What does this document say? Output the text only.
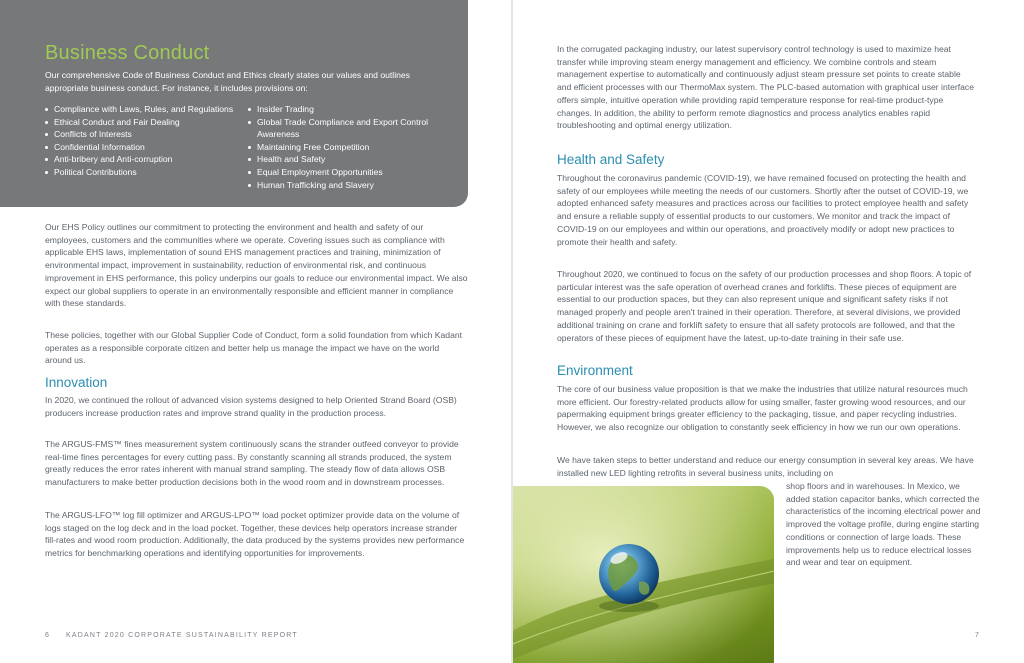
Business Conduct

Our comprehensive Code of Business Conduct and Ethics clearly states our values and outlines appropriate business conduct. For instance, it includes provisions on:

Compliance with Laws, Rules, and Regulations
Ethical Conduct and Fair Dealing
Conflicts of Interests
Confidential Information
Anti-bribery and Anti-corruption
Political Contributions
Insider Trading
Global Trade Compliance and Export Control Awareness
Maintaining Free Competition
Health and Safety
Equal Employment Opportunities
Human Trafficking and Slavery

Our EHS Policy outlines our commitment to protecting the environment and health and safety of our employees, customers and the communities where we operate. Covering issues such as compliance with applicable EHS laws, implementation of sound EHS management practices and training, minimization of environmental impact, improvement in sustainability, reduction of environmental risk, and continuous improvement in EHS performance, this policy underpins our goals to reduce our environmental impact. We also expect our global suppliers to operate in an environmentally responsible and efficient manner in compliance with these standards.

These policies, together with our Global Supplier Code of Conduct, form a solid foundation from which Kadant operates as a responsible corporate citizen and better help us manage the impact we have on the world around us.

Innovation

In 2020, we continued the rollout of advanced vision systems designed to help Oriented Strand Board (OSB) producers increase production rates and improve strand quality in the production process.

The ARGUS-FMS™ fines measurement system continuously scans the strander outfeed conveyor to provide real-time fines percentages for every cutting pass. By constantly scanning all strands produced, the system greatly reduces the error rates inherent with manual strand sampling. The steady flow of data allows OSB manufacturers to make better production decisions both in the wood room and in downstream processes.

The ARGUS-LFO™ log fill optimizer and ARGUS-LPO™ load pocket optimizer provide data on the volume of logs staged on the log deck and in the load pocket. Together, these devices help operators increase strander fill-rates and wood room production. Additionally, the data produced by the systems provides new performance metrics for benchmarking operations and identifying opportunities for improvements.

6 KADANT 2020 CORPORATE SUSTAINABILITY REPORT

In the corrugated packaging industry, our latest supervisory control technology is used to maximize heat transfer while improving steam energy management and efficiency. We combine controls and steam management expertise to automatically and continuously adjust steam pressure set points to create stable and efficient processes with our ThermoMax system. The PLC-based automation with graphical user interface offers simple, intuitive operation while providing rapid temperature response for real-time product-type changes. In addition, the ability to perform remote diagnostics and process analytics enables rapid troubleshooting and optimal energy utilization.

Health and Safety

Throughout the coronavirus pandemic (COVID-19), we have remained focused on protecting the health and safety of our employees while meeting the needs of our customers. Shortly after the outset of COVID-19, we adopted enhanced safety measures and practices across our facilities to protect employee health and safety and ensure a reliable supply of essential products to our customers. We monitor and track the impact of COVID-19 on our employees and within our operations, and proactively modify or adopt new practices to promote their health and safety.

Throughout 2020, we continued to focus on the safety of our production processes and shop floors. A topic of particular interest was the safe operation of overhead cranes and forklifts. These pieces of equipment are essential to our production spaces, but they can also represent unique and significant safety risks if not managed properly and people aren't trained in their operation. Therefore, at several divisions, we provided additional training on crane and forklift safety to ensure that all safety protocols are followed, and that the operators of these pieces of equipment have the latest, up-to-date training in their safe use.

Environment

The core of our business value proposition is that we make the industries that utilize natural resources much more efficient. Our forestry-related products allow for using smaller, faster growing wood resources, and our papermaking equipment brings greater efficiency to the packaging, tissue, and paper recycling industries. However, we also recognize our obligation to constantly seek efficiency in how we run our own operations.

We have taken steps to better understand and reduce our energy consumption in several key areas. We have installed new LED lighting retrofits in several business units, including on

shop floors and in warehouses. In Mexico, we added station capacitor banks, which corrected the characteristics of the incoming electrical power and improved the voltage profile, during engine starting conditions or connection of large loads. These improvements help us to reduce electrical losses and wear and tear on equipment.

7
